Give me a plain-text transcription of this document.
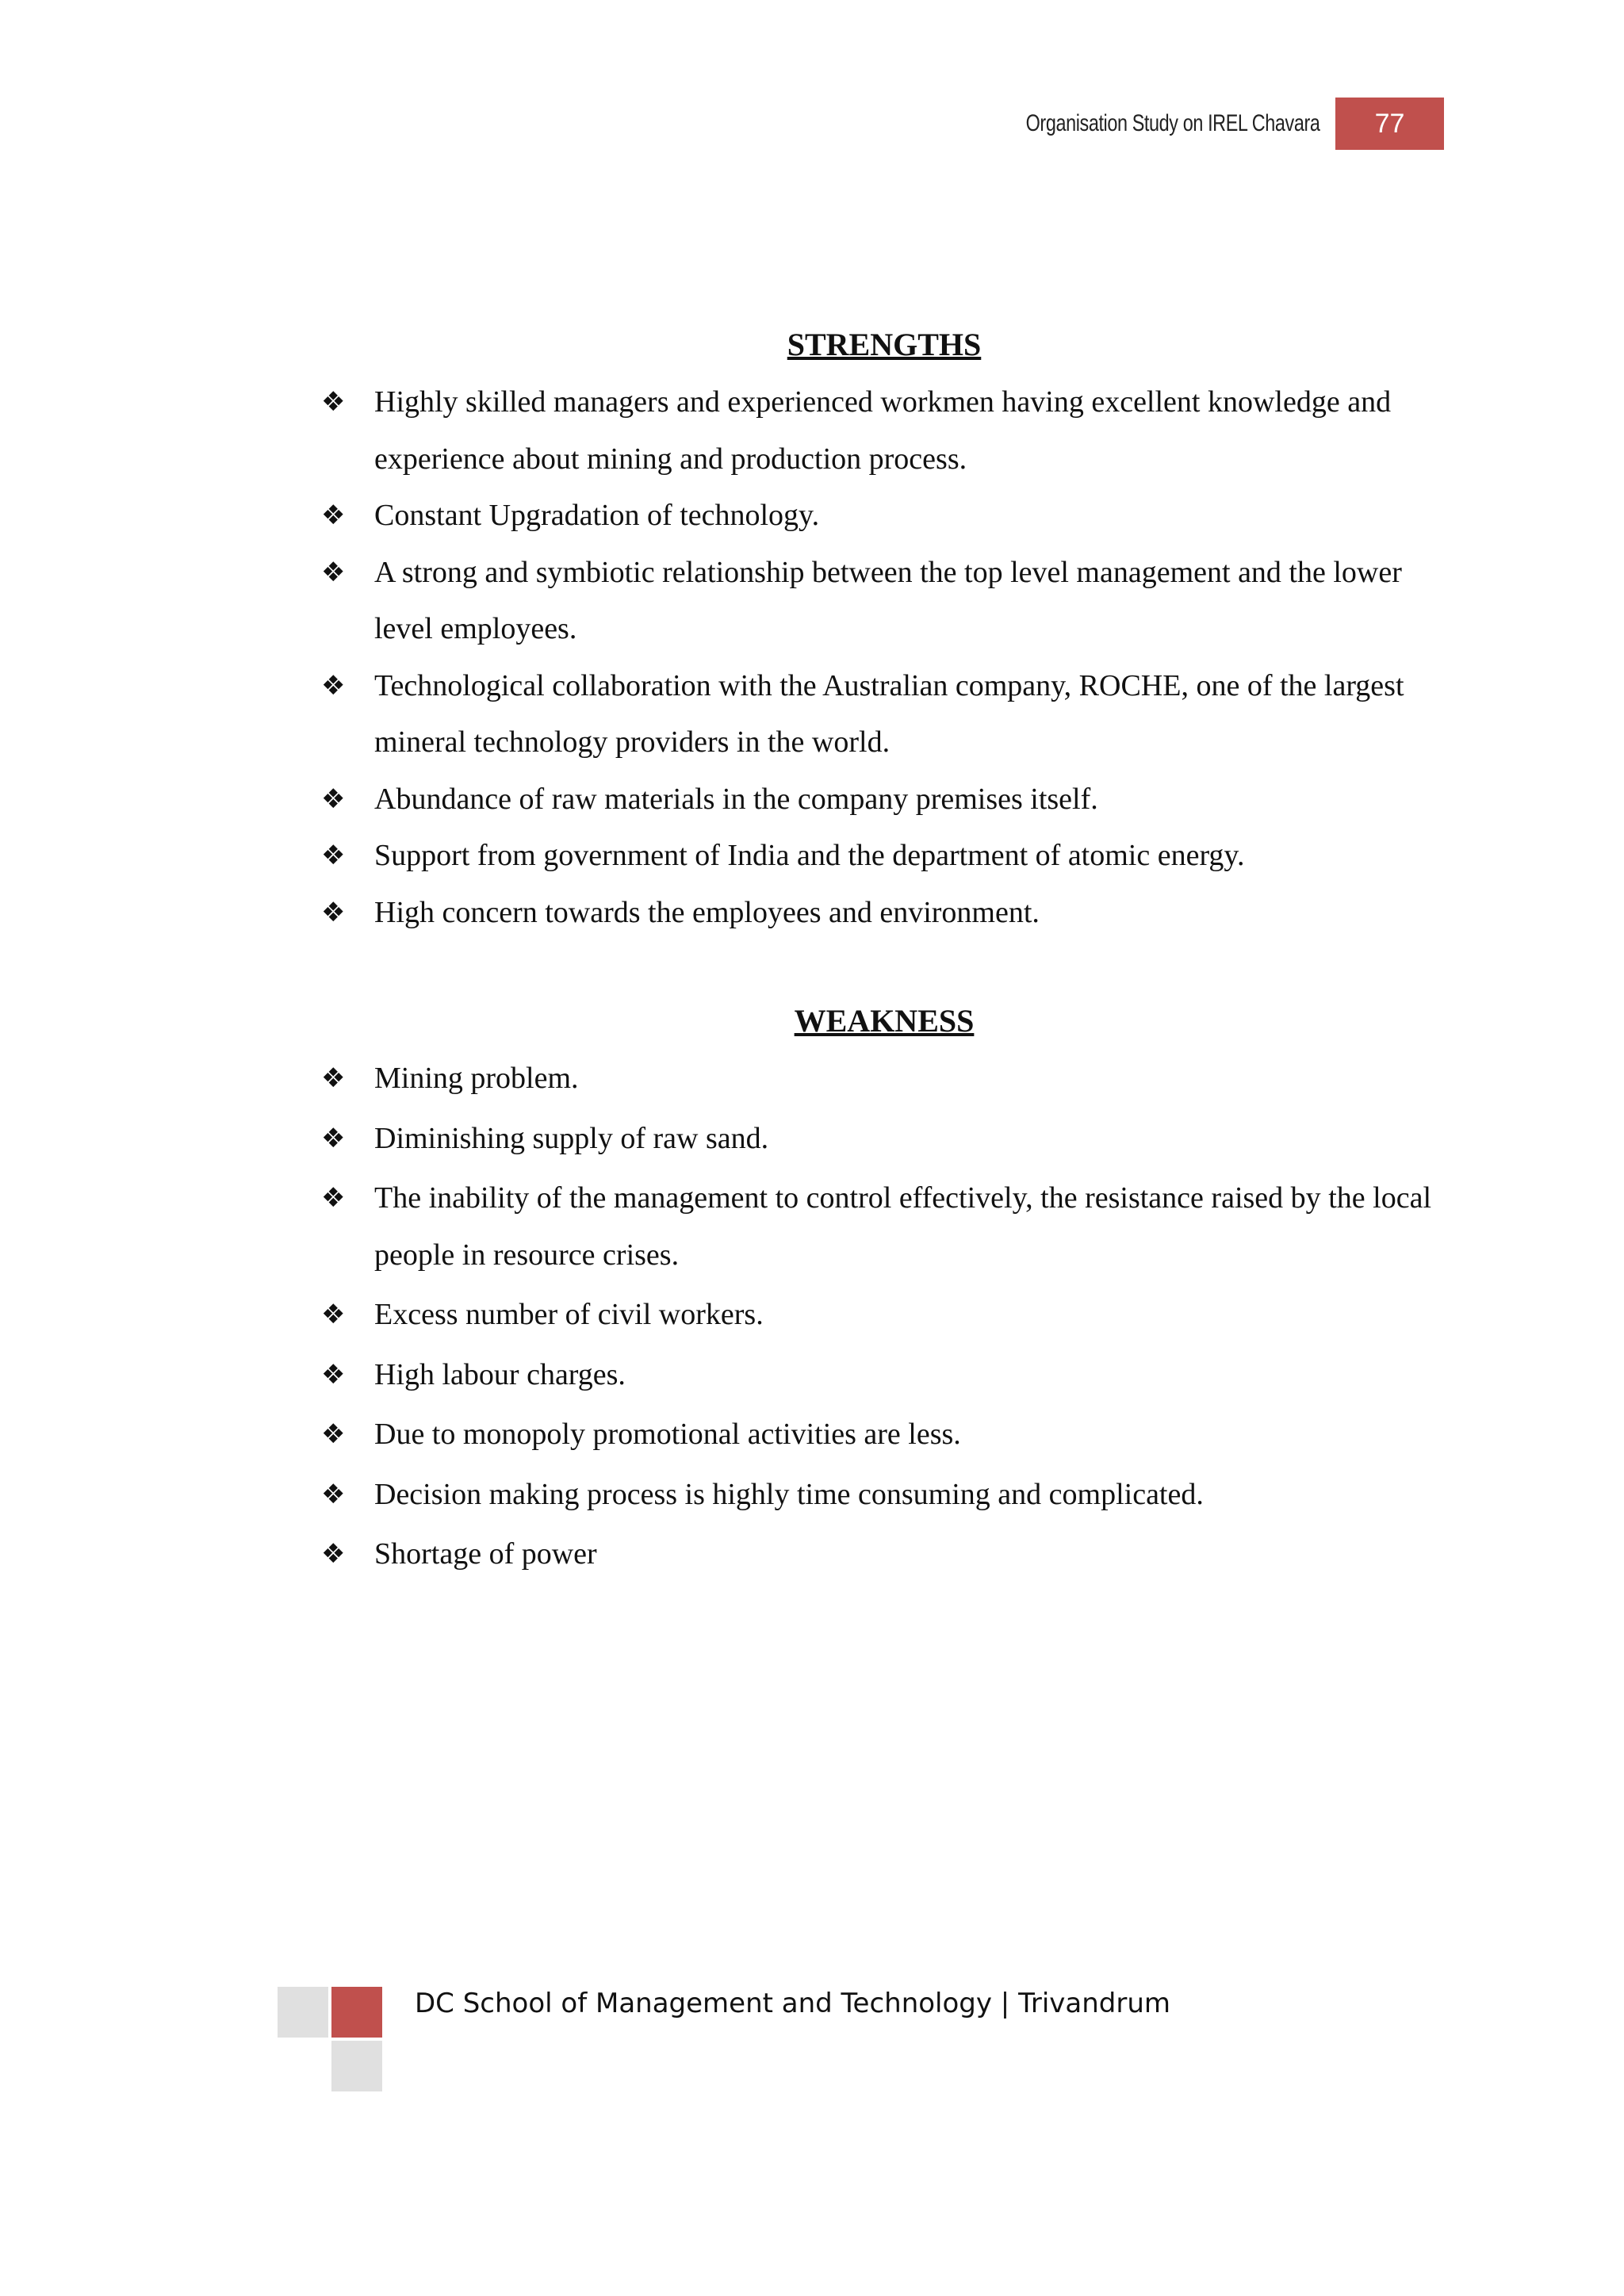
Organisation Study on IREL Chavara 77
STRENGTHS
❖ Highly skilled managers and experienced workmen having excellent knowledge and experience about mining and production process.
❖ Constant Upgradation of technology.
❖ A strong and symbiotic relationship between the top level management and the lower level employees.
❖ Technological collaboration with the Australian company, ROCHE, one of the largest mineral technology providers in the world.
❖ Abundance of raw materials in the company premises itself.
❖ Support from government of India and the department of atomic energy.
❖ High concern towards the employees and environment.
WEAKNESS
❖ Mining problem.
❖ Diminishing supply of raw sand.
❖ The inability of the management to control effectively, the resistance raised by the local people in resource crises.
❖ Excess number of civil workers.
❖ High labour charges.
❖ Due to monopoly promotional activities are less.
❖ Decision making process is highly time consuming and complicated.
❖ Shortage of power
DC School of Management and Technology | Trivandrum
